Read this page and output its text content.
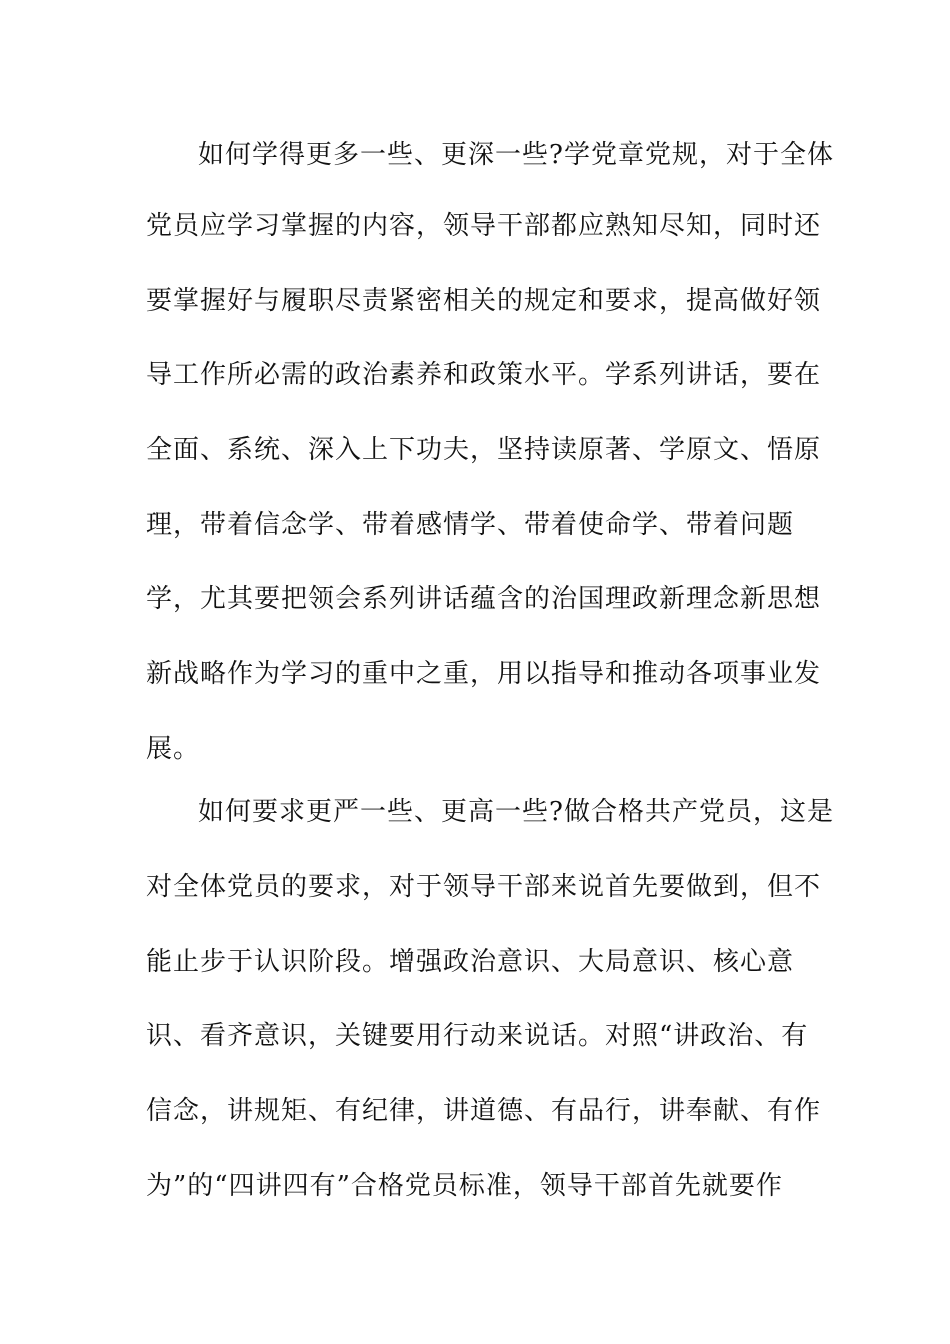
如何学得更多一些、更深一些?学党章党规，对于全体
党员应学习掌握的内容，领导干部都应熟知尽知，同时还
要掌握好与履职尽责紧密相关的规定和要求，提高做好领
导工作所必需的政治素养和政策水平。学系列讲话，要在
全面、系统、深入上下功夫，坚持读原著、学原文、悟原
理，带着信念学、带着感情学、带着使命学、带着问题
学，尤其要把领会系列讲话蕴含的治国理政新理念新思想
新战略作为学习的重中之重，用以指导和推动各项事业发
展。
如何要求更严一些、更高一些?做合格共产党员，这是
对全体党员的要求，对于领导干部来说首先要做到，但不
能止步于认识阶段。增强政治意识、大局意识、核心意
识、看齐意识，关键要用行动来说话。对照“讲政治、有
信念，讲规矩、有纪律，讲道德、有品行，讲奉献、有作
为”的“四讲四有”合格党员标准，领导干部首先就要作
